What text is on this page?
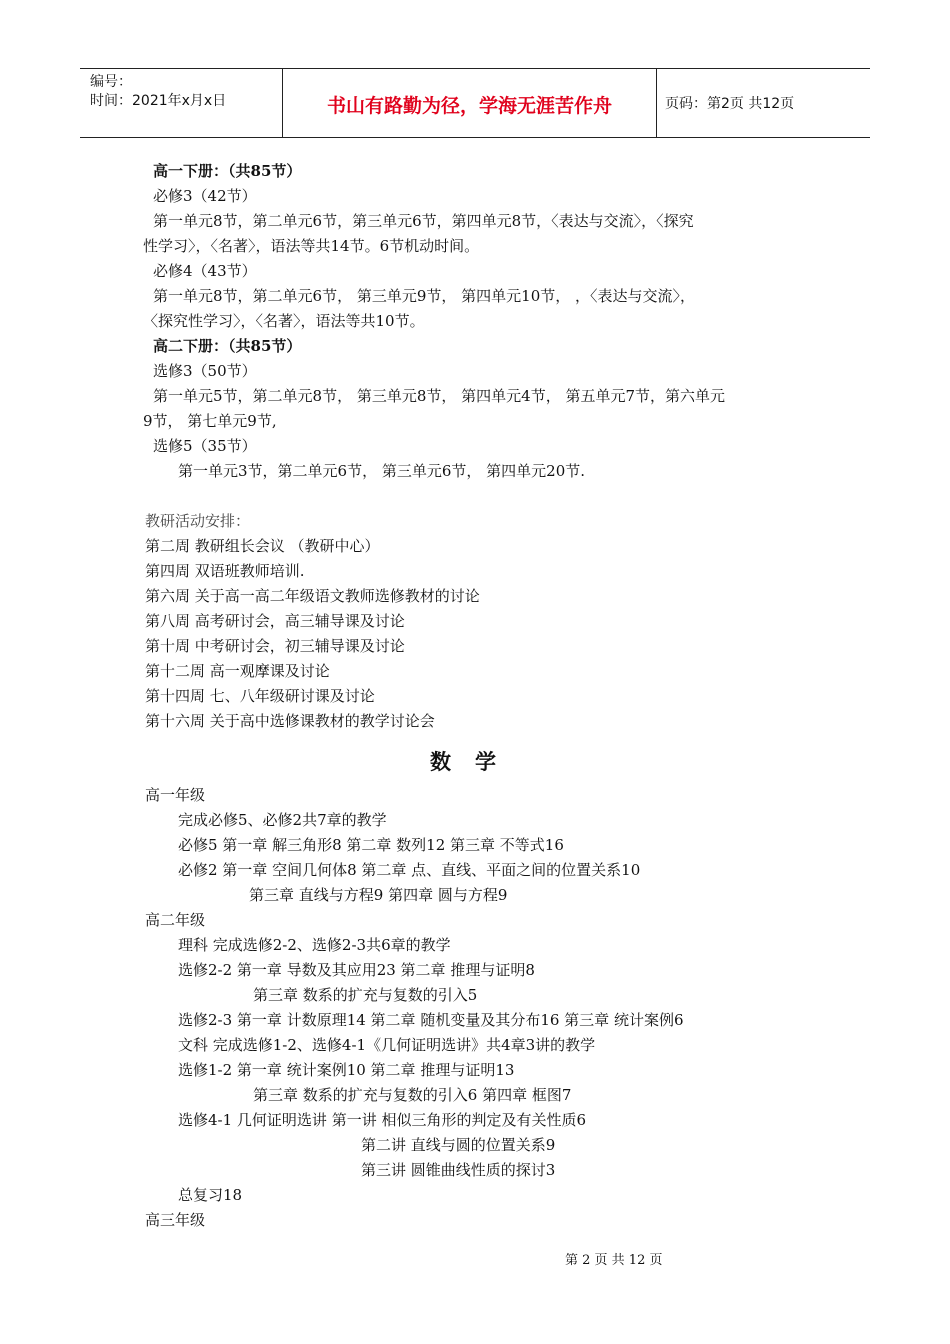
编号：
时间：2021年x月x日	书山有路勤为径，学海无涯苦作舟	页码：第2页 共12页
高一下册：（共85节）
必修3（42节）
第一单元8节，第二单元6节，第三单元6节，第四单元8节，〈表达与交流〉，〈探究
性学习〉，〈名著〉，语法等共14节。6节机动时间。
必修4（43节）
第一单元8节，第二单元6节， 第三单元9节， 第四单元10节， ，〈表达与交流〉，
〈探究性学习〉，〈名著〉，语法等共10节。
高二下册：（共85节）
选修3（50节）
第一单元5节，第二单元8节， 第三单元8节， 第四单元4节， 第五单元7节，第六单元
9节， 第七单元9节,
选修5（35节）
第一单元3节，第二单元6节， 第三单元6节， 第四单元20节.
教研活动安排：
第二周 教研组长会议 （教研中心）
第四周 双语班教师培训.
第六周 关于高一高二年级语文教师选修教材的讨论
第八周 高考研讨会，高三辅导课及讨论
第十周 中考研讨会，初三辅导课及讨论
第十二周 高一观摩课及讨论
第十四周 七、八年级研讨课及讨论
第十六周 关于高中选修课教材的教学讨论会
数学
高一年级
完成必修5、必修2共7章的教学
必修5 第一章 解三角形8 第二章 数列12 第三章 不等式16
必修2 第一章 空间几何体8 第二章 点、直线、平面之间的位置关系10
第三章 直线与方程9 第四章 圆与方程9
高二年级
理科 完成选修2-2、选修2-3共6章的教学
选修2-2 第一章 导数及其应用23 第二章 推理与证明8
第三章 数系的扩充与复数的引入5
选修2-3 第一章 计数原理14 第二章 随机变量及其分布16 第三章 统计案例6
文科 完成选修1-2、选修4-1《几何证明选讲》共4章3讲的教学
选修1-2 第一章 统计案例10 第二章 推理与证明13
第三章 数系的扩充与复数的引入6 第四章 框图7
选修4-1 几何证明选讲 第一讲 相似三角形的判定及有关性质6
第二讲 直线与圆的位置关系9
第三讲 圆锥曲线性质的探讨3
总复习18
高三年级
第 2 页 共 12 页
